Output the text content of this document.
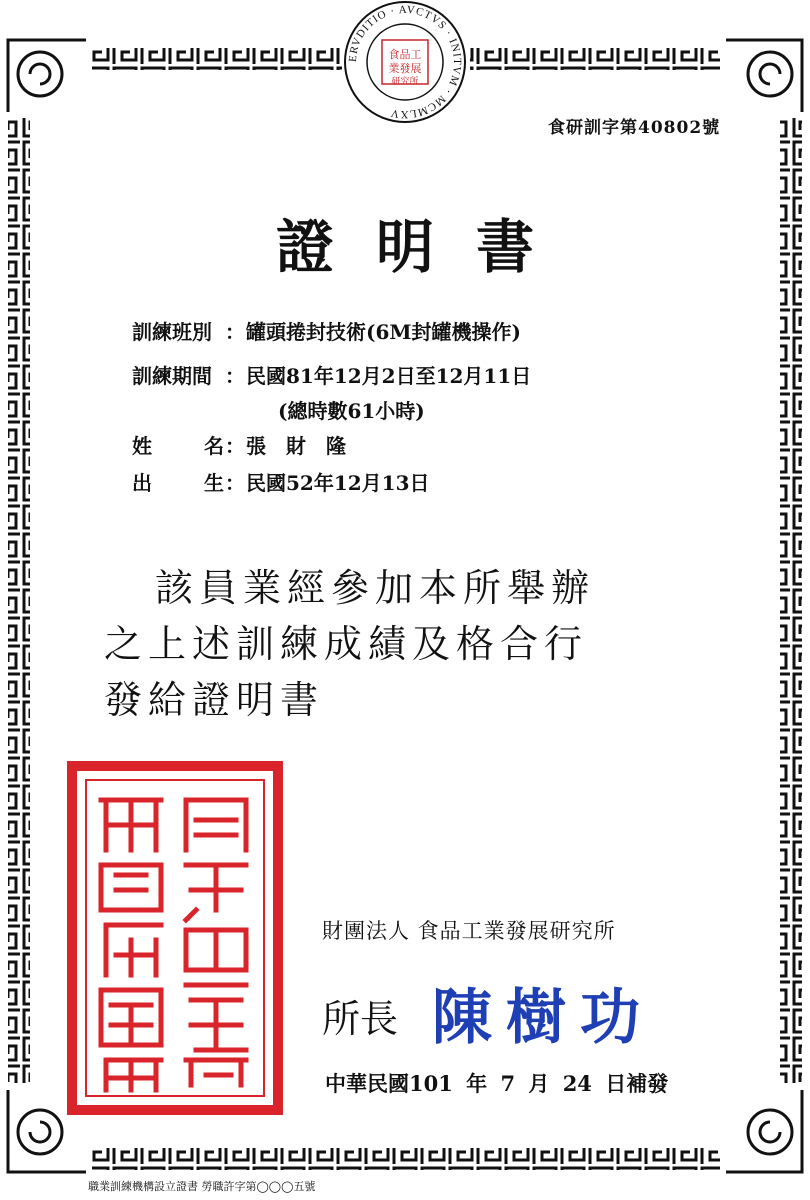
ERVDITIO · AVCTVS · INITVM · MCMLXV
食品工
業發展
研究所
食研訓字第40802號
證明書
訓練班別 ：罐頭捲封技術(6M封罐機操作)
訓練期間 ：民國81年12月2日至12月11日
(總時數61小時)
姓	名 ：張　財　隆
出	生 ：民國52年12月13日
該員業經參加本所舉辦
之上述訓練成績及格合行
發給證明書
財團法人 食品工業發展研究所
所長 陳樹功
中華民國101 年 7 月 24 日補發
職業訓練機構設立證書 勞職許字第◯◯◯五號
